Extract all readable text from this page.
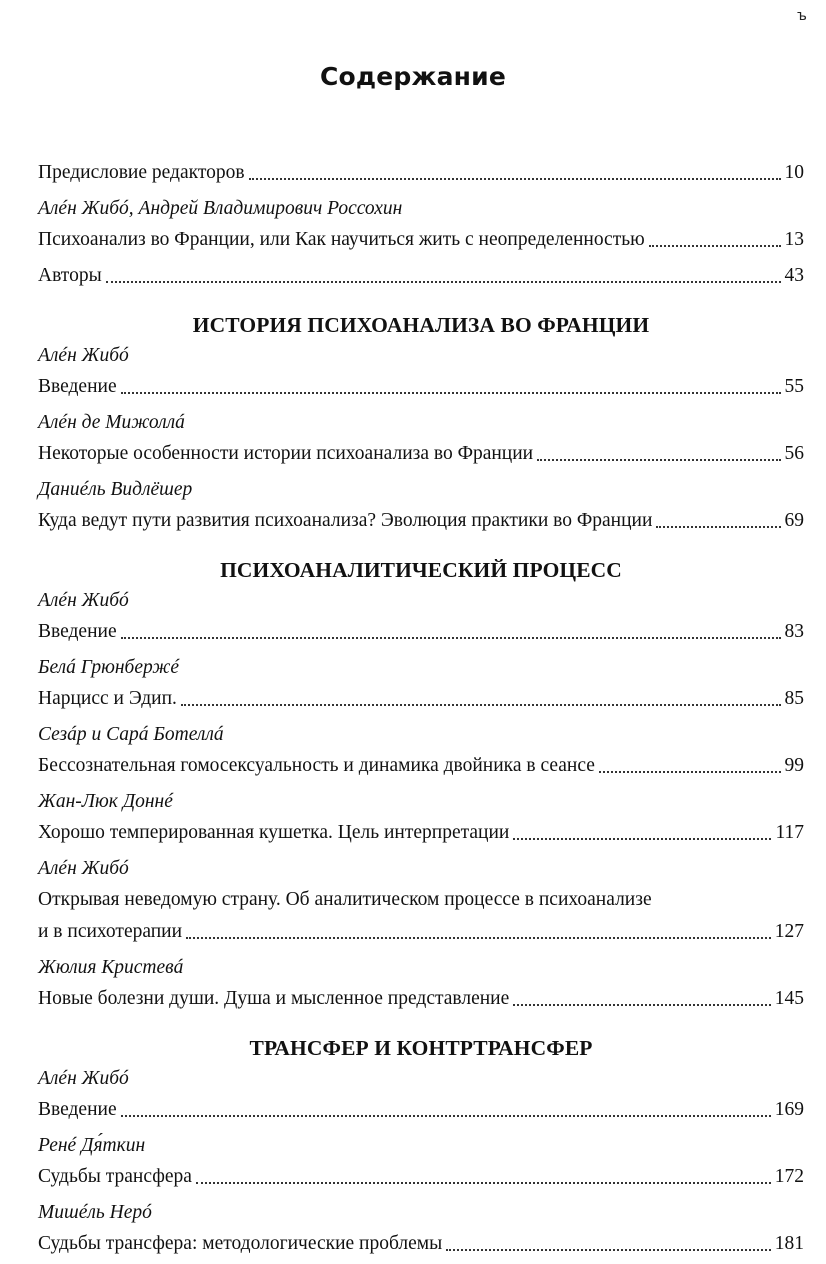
ъ
Содержание
Предисловие редакторов	10
Алéн Жибó, Андрей Владимирович Россохин
Психоанализ во Франции, или Как научиться жить с неопределенностью	13
Авторы	43
ИСТОРИЯ ПСИХОАНАЛИЗА ВО ФРАНЦИИ
Алéн Жибó
Введение	55
Алéн де Мижоллá
Некоторые особенности истории психоанализа во Франции	56
Даниéль Видлёшер
Куда ведут пути развития психоанализа? Эволюция практики во Франции	69
ПСИХОАНАЛИТИЧЕСКИЙ ПРОЦЕСС
Алéн Жибó
Введение	83
Белá Грюнбержé
Нарцисс и Эдип.	85
Сезáр и Сарá Ботеллá
Бессознательная гомосексуальность и динамика двойника в сеансе	99
Жан-Люк Доннé
Хорошо темперированная кушетка. Цель интерпретации	117
Алéн Жибó
Открывая неведомую страну. Об аналитическом процессе в психоанализе
и в психотерапии	127
Жюлия Кристевá
Новые болезни души. Душа и мысленное представление	145
ТРАНСФЕР И КОНТРТРАНСФЕР
Алéн Жибó
Введение	169
Ренé Дя́ткин
Судьбы трансфера	172
Мишéль Нерó
Судьбы трансфера: методологические проблемы	181
